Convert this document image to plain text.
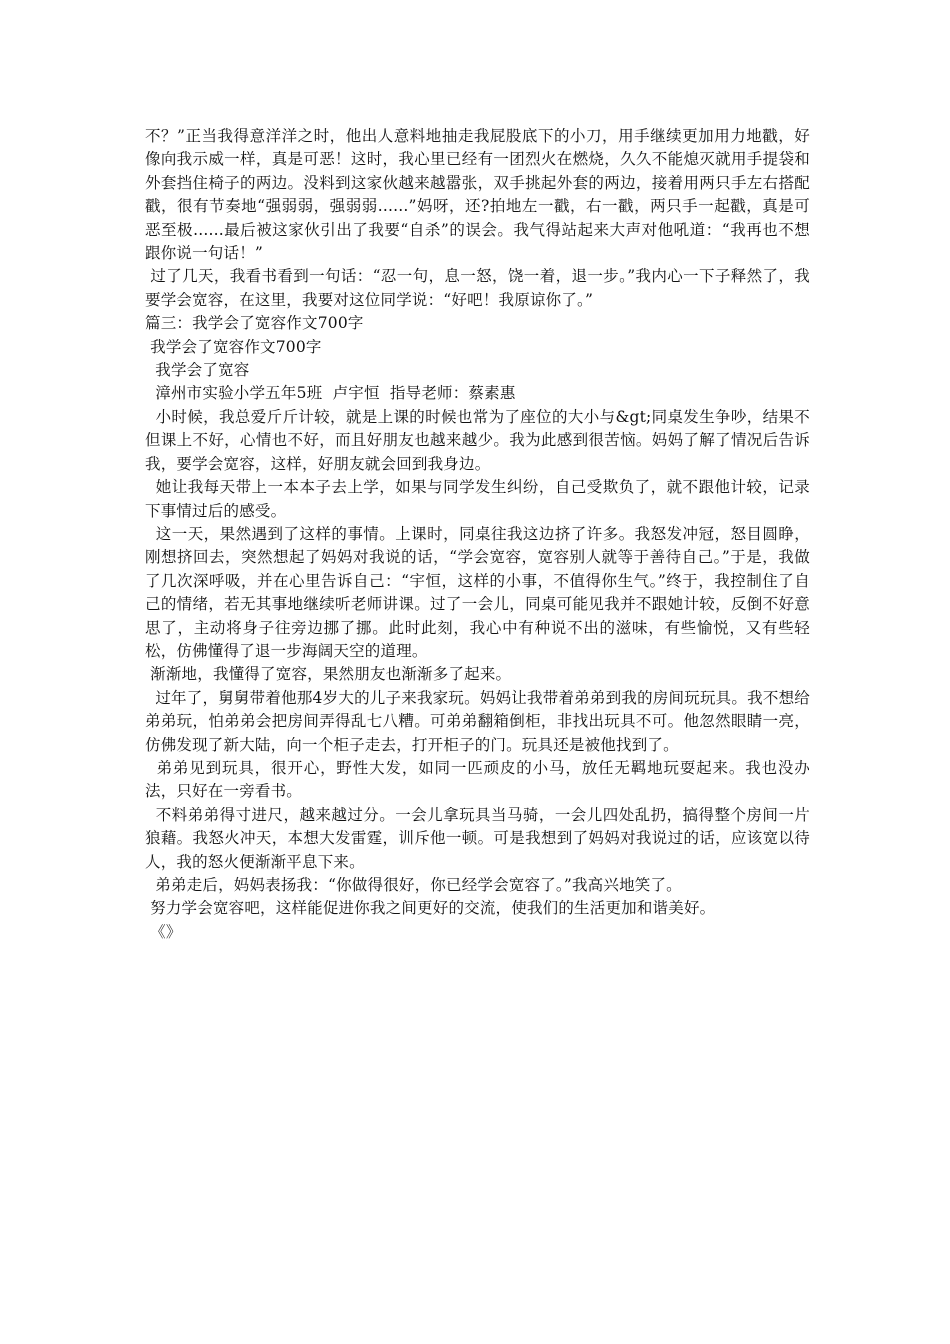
不？”正当我得意洋洋之时，他出人意料地抽走我屁股底下的小刀，用手继续更加用力地戳，好像向我示威一样，真是可恶！这时，我心里已经有一团烈火在燃烧，久久不能熄灭就用手提袋和外套挡住椅子的两边。没料到这家伙越来越嚣张，双手挑起外套的两边，接着用两只手左右搭配戳，很有节奏地“强弱弱，强弱弱......”妈呀，还?拍地左一戳，右一戳，两只手一起戳，真是可恶至极......最后被这家伙引出了我要“自杀”的误会。我气得站起来大声对他吼道：“我再也不想跟你说一句话！”

过了几天，我看书看到一句话：“忍一句，息一怒，饶一着，退一步。”我内心一下子释然了，我要学会宽容，在这里，我要对这位同学说：“好吧！我原谅你了。”

篇三：我学会了宽容作文700字

我学会了宽容作文700字

我学会了宽容

漳州市实验小学五年5班  卢宇恒  指导老师：蔡素惠

小时候，我总爱斤斤计较，就是上课的时候也常为了座位的大小与&gt;同桌发生争吵，结果不但课上不好，心情也不好，而且好朋友也越来越少。我为此感到很苦恼。妈妈了解了情况后告诉我，要学会宽容，这样，好朋友就会回到我身边。

她让我每天带上一本本子去上学，如果与同学发生纠纷，自己受欺负了，就不跟他计较，记录下事情过后的感受。

这一天，果然遇到了这样的事情。上课时，同桌往我这边挤了许多。我怒发冲冠，怒目圆睁，刚想挤回去，突然想起了妈妈对我说的话，“学会宽容，宽容别人就等于善待自己。”于是，我做了几次深呼吸，并在心里告诉自己：“宇恒，这样的小事，不值得你生气。”终于，我控制住了自己的情绪，若无其事地继续听老师讲课。过了一会儿，同桌可能见我并不跟她计较，反倒不好意思了，主动将身子往旁边挪了挪。此时此刻，我心中有种说不出的滋味，有些愉悦，又有些轻松，仿佛懂得了退一步海阔天空的道理。

渐渐地，我懂得了宽容，果然朋友也渐渐多了起来。

过年了，舅舅带着他那4岁大的儿子来我家玩。妈妈让我带着弟弟到我的房间玩玩具。我不想给弟弟玩，怕弟弟会把房间弄得乱七八糟。可弟弟翻箱倒柜，非找出玩具不可。他忽然眼睛一亮，仿佛发现了新大陆，向一个柜子走去，打开柜子的门。玩具还是被他找到了。

弟弟见到玩具，很开心，野性大发，如同一匹顽皮的小马，放任无羁地玩耍起来。我也没办法，只好在一旁看书。

不料弟弟得寸进尺，越来越过分。一会儿拿玩具当马骑，一会儿四处乱扔，搞得整个房间一片狼藉。我怒火冲天，本想大发雷霆，训斥他一顿。可是我想到了妈妈对我说过的话，应该宽以待人，我的怒火便渐渐平息下来。

弟弟走后，妈妈表扬我：“你做得很好，你已经学会宽容了。”我高兴地笑了。

努力学会宽容吧，这样能促进你我之间更好的交流，使我们的生活更加和谐美好。

《》
